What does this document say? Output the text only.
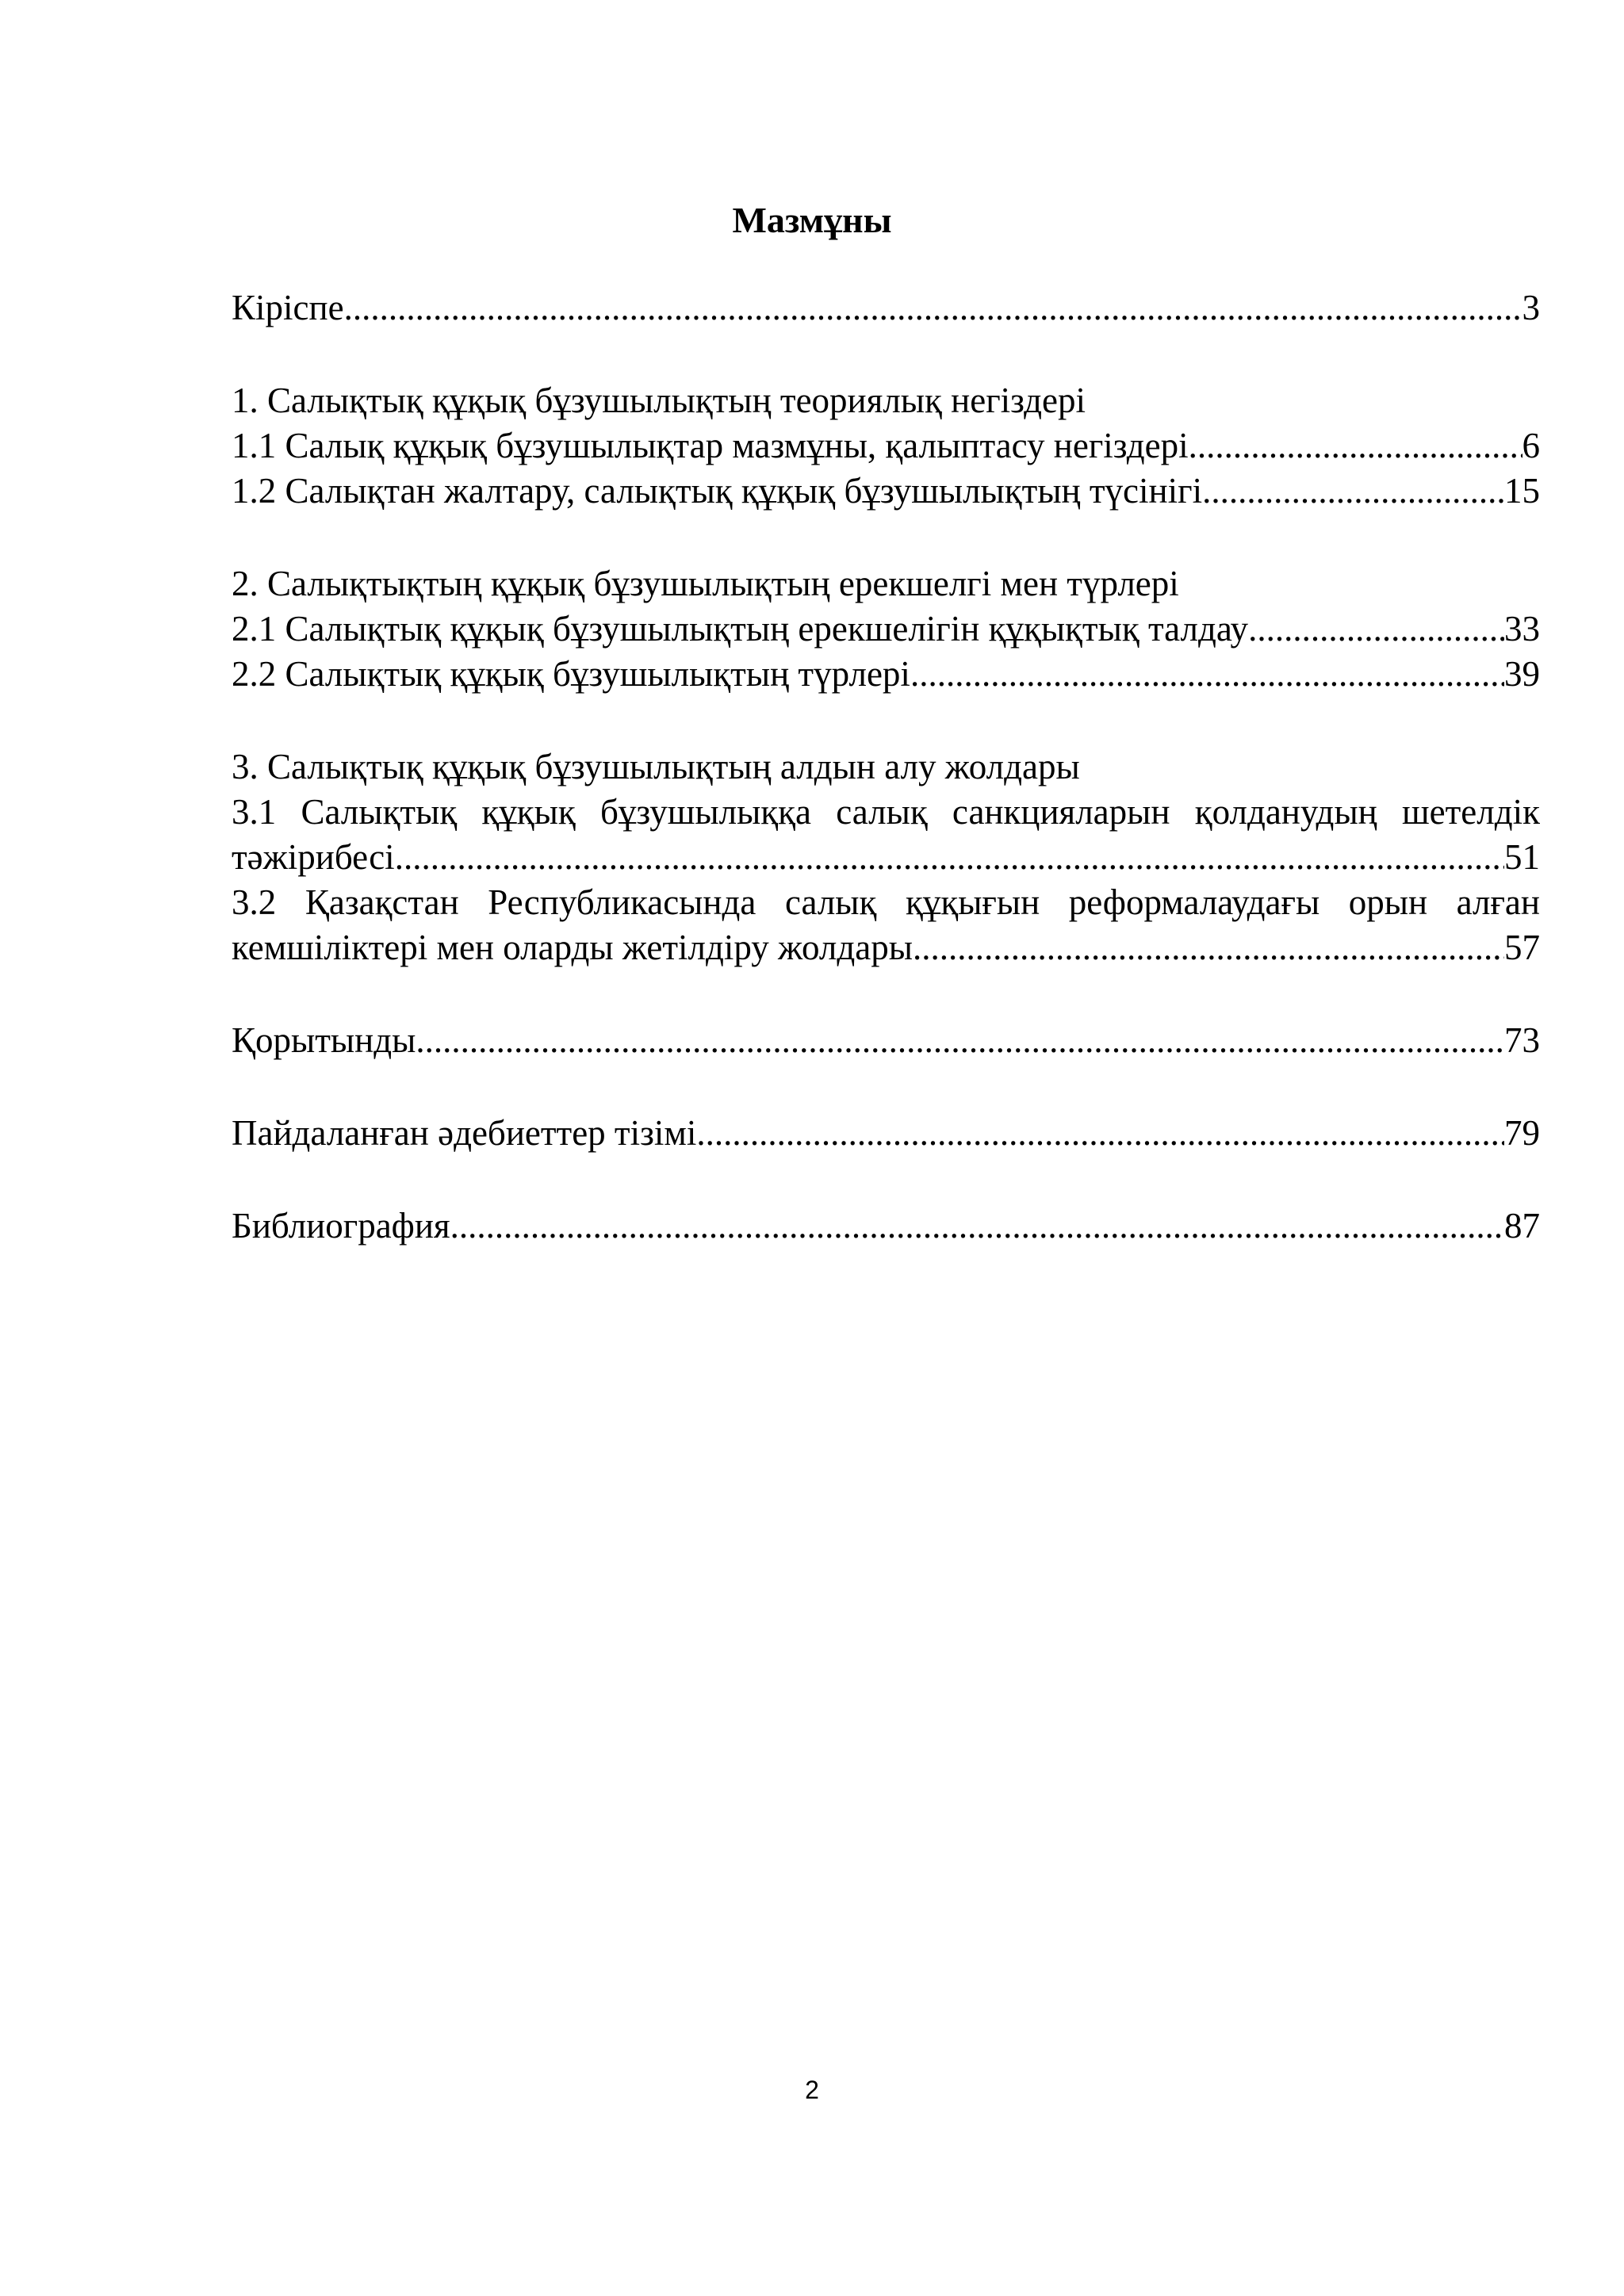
Мазмұны
Кіріспе .....	3
1. Салықтық құқық бұзушылықтың теориялық негіздері
1.1 Салық құқық бұзушылықтар мазмұны, қалыптасу негіздері .....	6
1.2 Салықтан жалтару, салықтық құқық бұзушылықтың түсінігі .....	15
2. Салықтықтың құқық бұзушылықтың ерекшелгі мен түрлері
2.1 Салықтық құқық бұзушылықтың ерекшелігін құқықтық талдау .....	33
2.2 Салықтық құқық бұзушылықтың түрлері .....	39
3. Салықтық құқық бұзушылықтың алдын алу жолдары
3.1 Салықтық құқық бұзушылыққа салық санкцияларын қолданудың шетелдік
тәжірибесі .....	51
3.2 Қазақстан Республикасында салық құқығын реформалаудағы орын алған
кемшіліктері мен оларды жетілдіру жолдары .....	57
Қорытынды .....	73
Пайдаланған әдебиеттер тізімі .....	79
Библиография .....	87

2
